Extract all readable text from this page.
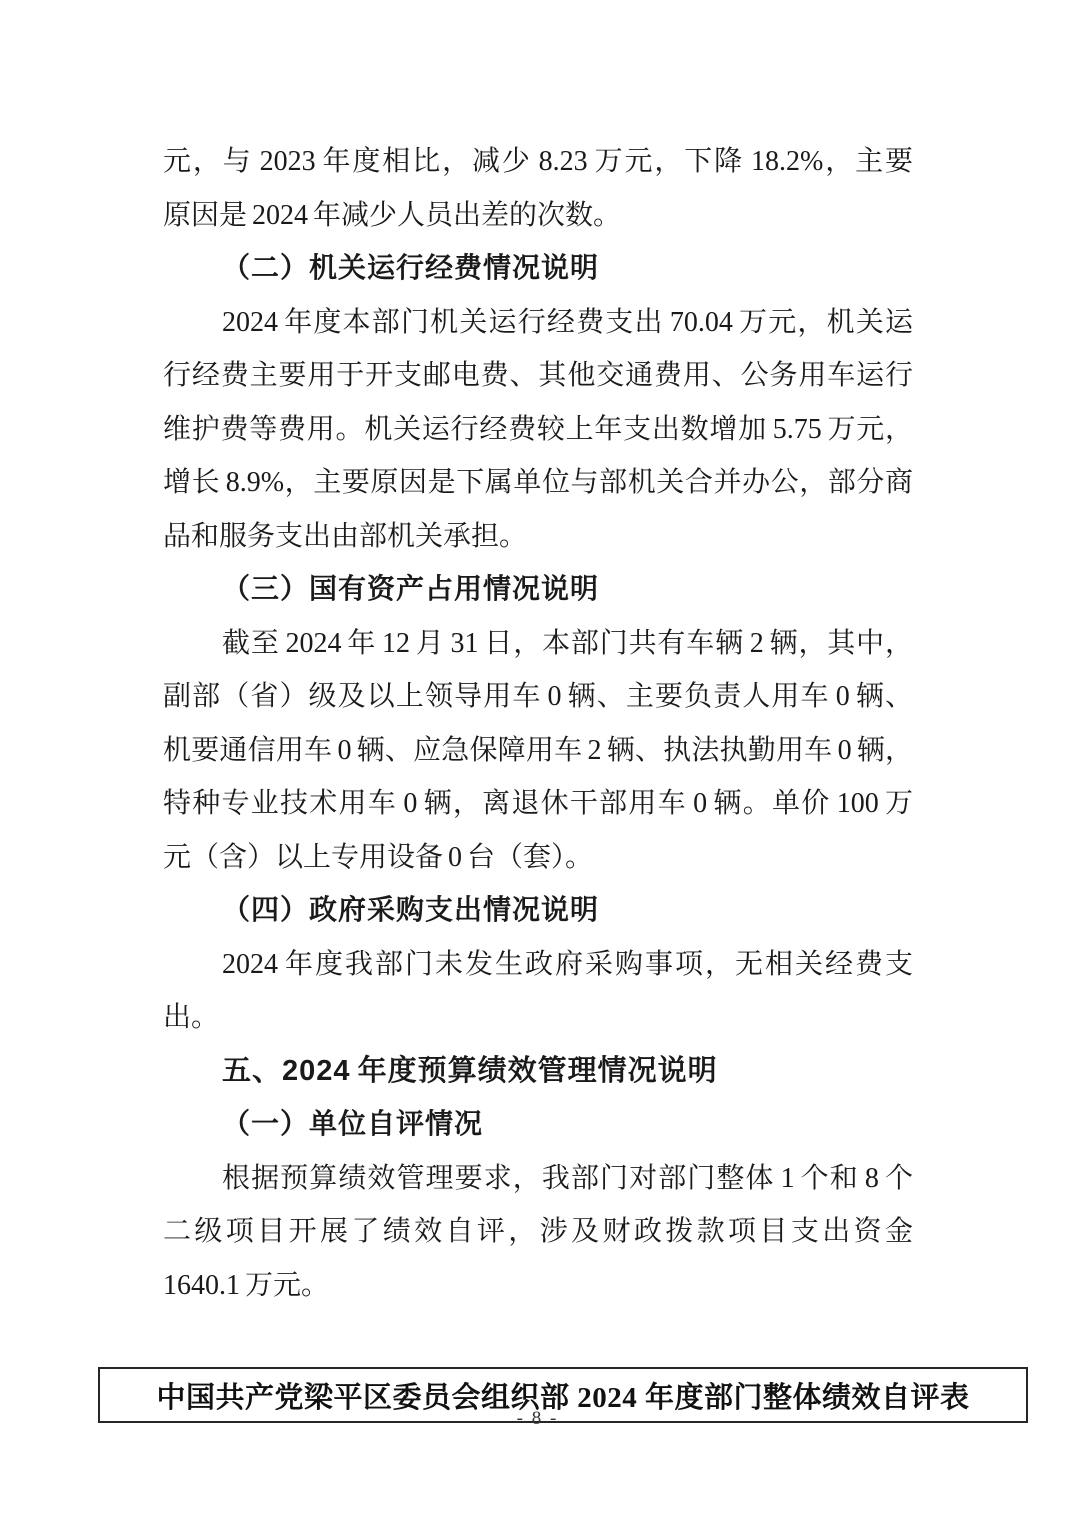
元，与 2023 年度相比，减少 8.23 万元，下降 18.2%，主要
原因是 2024 年减少人员出差的次数。
（二）机关运行经费情况说明
2024 年度本部门机关运行经费支出 70.04 万元，机关运
行经费主要用于开支邮电费、其他交通费用、公务用车运行
维护费等费用。机关运行经费较上年支出数增加 5.75 万元，
增长 8.9%，主要原因是下属单位与部机关合并办公，部分商
品和服务支出由部机关承担。
（三）国有资产占用情况说明
截至 2024 年 12 月 31 日，本部门共有车辆 2 辆，其中，
副部（省）级及以上领导用车 0 辆、主要负责人用车 0 辆、
机要通信用车 0 辆、应急保障用车 2 辆、执法执勤用车 0 辆，
特种专业技术用车 0 辆，离退休干部用车 0 辆。单价 100 万
元（含）以上专用设备 0 台（套）。
（四）政府采购支出情况说明
2024 年度我部门未发生政府采购事项，无相关经费支
出。
五、2024 年度预算绩效管理情况说明
（一）单位自评情况
根据预算绩效管理要求，我部门对部门整体 1 个和 8 个
二级项目开展了绩效自评，涉及财政拨款项目支出资金
1640.1 万元。
中国共产党梁平区委员会组织部 2024 年度部门整体绩效自评表
- 8 -
